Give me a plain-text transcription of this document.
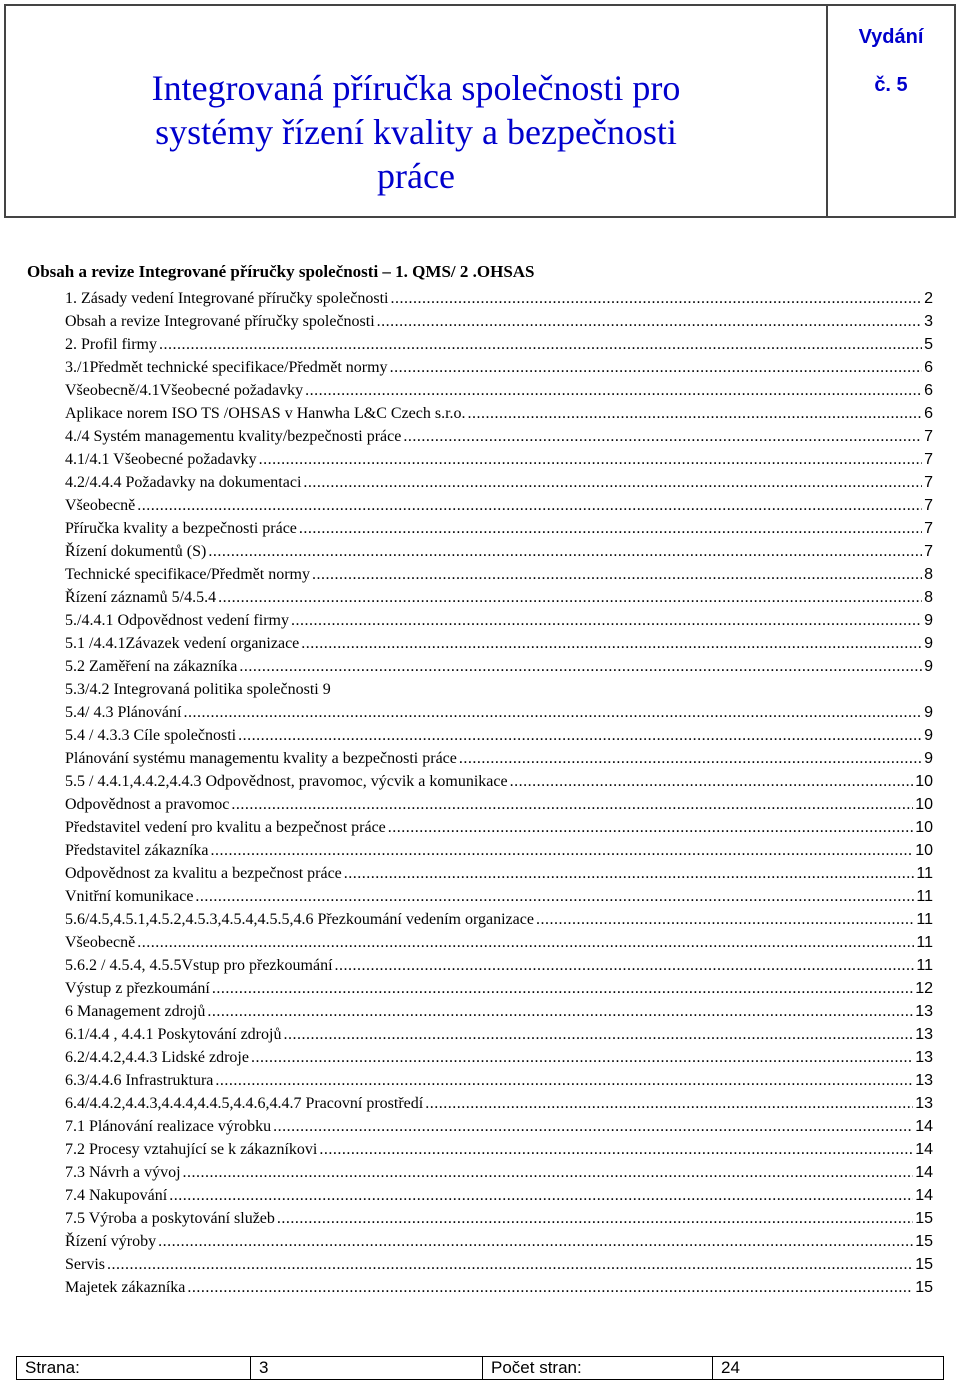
Integrovaná příručka společnosti pro
systémy řízení kvality a bezpečnosti
práce
Vydání
č. 5
Obsah a revize Integrované příručky společnosti – 1. QMS/ 2 .OHSAS
1. Zásady vedení Integrované příručky společnosti .....	2
Obsah a revize Integrované příručky společnosti .....	3
2. Profil firmy .....	5
3./1Předmět technické specifikace/Předmět normy .....	6
Všeobecně/4.1Všeobecné požadavky .....	6
Aplikace norem ISO TS /OHSAS v Hanwha L&C Czech s.r.o. .....	6
4./4 Systém managementu kvality/bezpečnosti práce .....	7
4.1/4.1 Všeobecné požadavky .....	7
4.2/4.4.4 Požadavky na dokumentaci .....	7
Všeobecně .....	7
Příručka kvality a bezpečnosti práce .....	7
Řízení dokumentů (S) .....	7
Technické specifikace/Předmět normy .....	8
Řízení záznamů 5/4.5.4 .....	8
5./4.4.1 Odpovědnost vedení firmy .....	9
5.1 /4.4.1Závazek vedení organizace .....	9
5.2 Zaměření na zákazníka .....	9
5.3/4.2 Integrovaná politika společnosti 9
5.4/ 4.3 Plánování .....	9
5.4 / 4.3.3 Cíle společnosti .....	9
Plánování systému managementu kvality a bezpečnosti práce .....	9
5.5 / 4.4.1,4.4.2,4.4.3 Odpovědnost, pravomoc, výcvik a komunikace .....	10
Odpovědnost a pravomoc .....	10
Představitel vedení pro kvalitu a bezpečnost práce .....	10
Představitel zákazníka .....	10
Odpovědnost za kvalitu a bezpečnost práce .....	11
Vnitřní komunikace .....	11
5.6/4.5,4.5.1,4.5.2,4.5.3,4.5.4,4.5.5,4.6 Přezkoumání vedením organizace .....	11
Všeobecně .....	11
5.6.2 / 4.5.4, 4.5.5Vstup pro přezkoumání .....	11
Výstup z přezkoumání .....	12
6 Management zdrojů .....	13
6.1/4.4 , 4.4.1 Poskytování zdrojů .....	13
6.2/4.4.2,4.4.3 Lidské zdroje .....	13
6.3/4.4.6 Infrastruktura .....	13
6.4/4.4.2,4.4.3,4.4.4,4.4.5,4.4.6,4.4.7 Pracovní prostředí .....	13
7.1 Plánování realizace výrobku .....	14
7.2 Procesy vztahující se k zákazníkovi .....	14
7.3 Návrh a vývoj .....	14
7.4 Nakupování .....	14
7.5 Výroba a poskytování služeb .....	15
Řízení výroby .....	15
Servis .....	15
Majetek zákazníka .....	15
Strana:	3	Počet stran:	24
